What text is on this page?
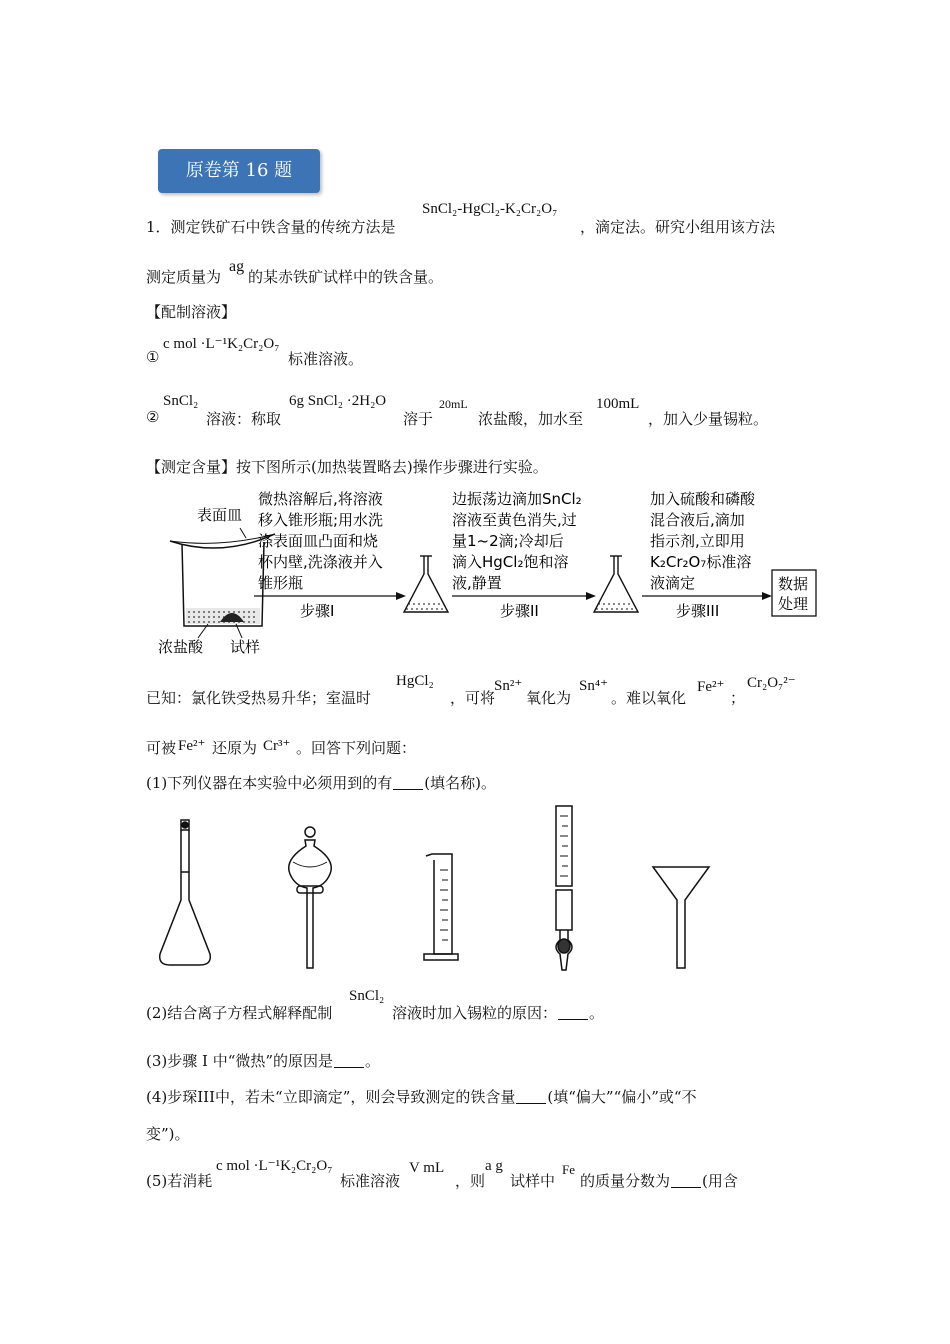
原卷第 16 题
1．测定铁矿石中铁含量的传统方法是
SnCl₂-HgCl₂-K₂Cr₂O₇
，滴定法。研究小组用该方法
测定质量为
ag
的某赤铁矿试样中的铁含量。
【配制溶液】
①
c mol ·L⁻¹K₂Cr₂O₇
标准溶液。
②
SnCl₂
溶液：称取
6g SnCl₂ ·2H₂O
溶于
20mL
浓盐酸，加水至
100mL
，加入少量锡粒。
【测定含量】按下图所示(加热装置略去)操作步骤进行实验。
表面皿
浓盐酸 试样
微热溶解后,将溶液
移入锥形瓶;用水洗
涤表面皿凸面和烧
杯内壁,洗涤液并入
锥形瓶
步骤I
边振荡边滴加SnCl₂
溶液至黄色消失,过
量1~2滴;冷却后
滴入HgCl₂饱和溶
液,静置
步骤II
加入硫酸和磷酸
混合液后,滴加
指示剂,立即用
K₂Cr₂O₇标准溶
液滴定
步骤III
数据
处理
已知：氯化铁受热易升华；室温时
HgCl₂
，可将
Sn²⁺
氧化为
Sn⁴⁺
。难以氧化
Fe²⁺
；
Cr₂O₇²⁻
可被 Fe²⁺ 还原为 Cr³⁺ 。回答下列问题：
(1)下列仪器在本实验中必须用到的有 (填名称)。
(2)结合离子方程式解释配制
SnCl₂
溶液时加入锡粒的原因： 。
(3)步骤 I 中“微热”的原因是 。
(4)步琛III中，若未“立即滴定”，则会导致测定的铁含量 (填“偏大”“偏小”或“不
变”)。
(5)若消耗
c mol ·L⁻¹K₂Cr₂O₇
标准溶液
V mL
，则
a g
试样中
Fe
的质量分数为 (用含
